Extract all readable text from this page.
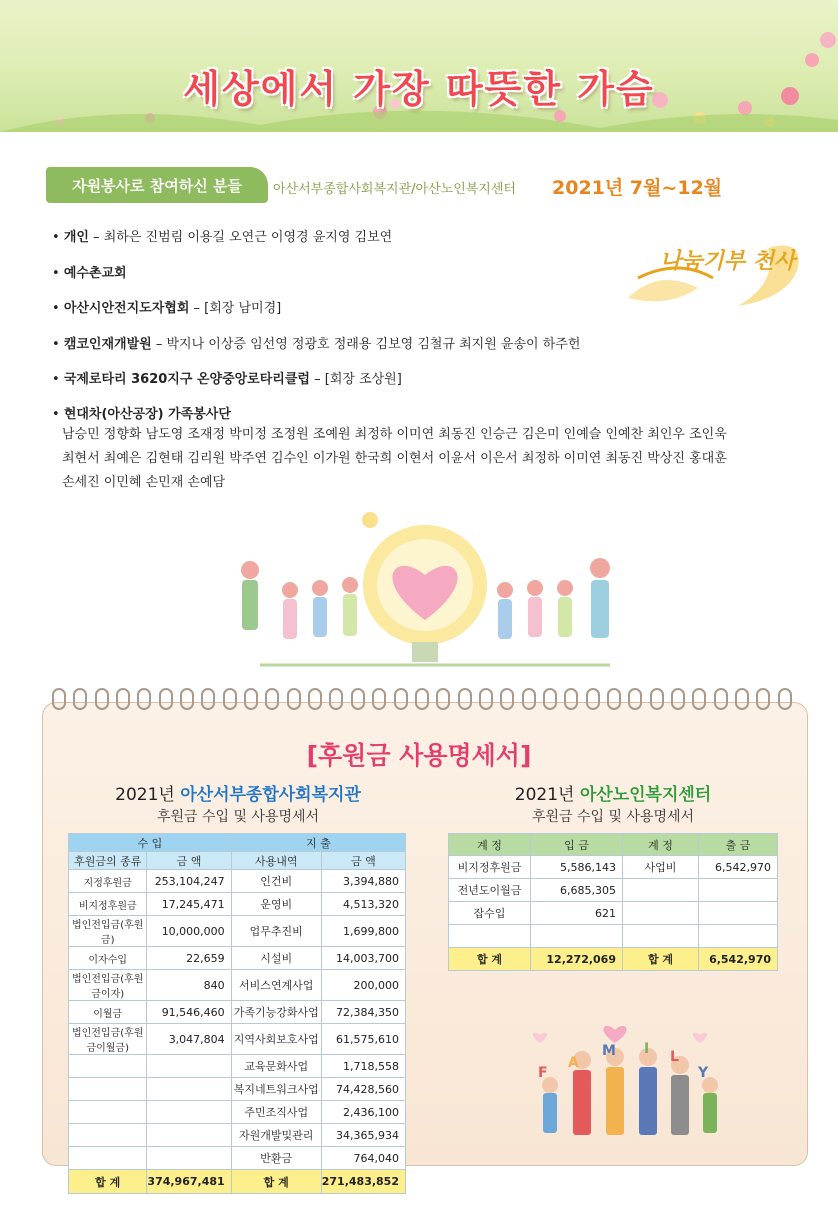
세상에서 가장 따뜻한 가슴
자원봉사로 참여하신 분들	아산서부종합사회복지관/아산노인복지센터 2021년 7월~12월
• 개인 – 최하은 진범림 이용길 오연근 이영경 윤지영 김보연
• 예수촌교회
• 아산시안전지도자협회 – [회장 남미경]
• 캠코인재개발원 – 박지나 이상증 임선영 정광호 정래용 김보영 김철규 최지원 윤송이 하주헌
• 국제로타리 3620지구 온양중앙로타리클럽 – [회장 조상원]
• 현대차(아산공장) 가족봉사단
남승민 정향화 남도영 조재정 박미정 조정원 조예원 최정하 이미연 최동진 인승근 김은미 인예슬 인예찬 최인우 조인욱
최현서 최예은 김현태 김리원 박주연 김수인 이가원 한국희 이현서 이윤서 이은서 최정하 이미연 최동진 박상진 홍대훈
손세진 이민혜 손민재 손예담
나눔기부 천사
[후원금 사용명세서]
2021년 아산서부종합사회복지관
후원금 수입 및 사용명세서
2021년 아산노인복지센터
후원금 수입 및 사용명세서
수 입		지 출	
후원금의 종류	금 액	사용내역	금 액
지정후원금	253,104,247	인건비	3,394,880
비지정후원금	17,245,471	운영비	4,513,320
법인전입금(후원금)	10,000,000	업무추진비	1,699,800
이자수입	22,659	시설비	14,003,700
법인전입금(후원금이자)	840	서비스연계사업	200,000
이월금	91,546,460	가족기능강화사업	72,384,350
법인전입금(후원금이월금)	3,047,804	지역사회보호사업	61,575,610
		교육문화사업	1,718,558
		복지네트워크사업	74,428,560
		주민조직사업	2,436,100
		자원개발및관리	34,365,934
		반환금	764,040
합 계	374,967,481	합 계	271,483,852
계 정	입 금	계 정	출 금
비지정후원금	5,586,143	사업비	6,542,970
전년도이월금	6,685,305		
잡수입	621		

합 계	12,272,069	합 계	6,542,970
F
A
M I L
Y
